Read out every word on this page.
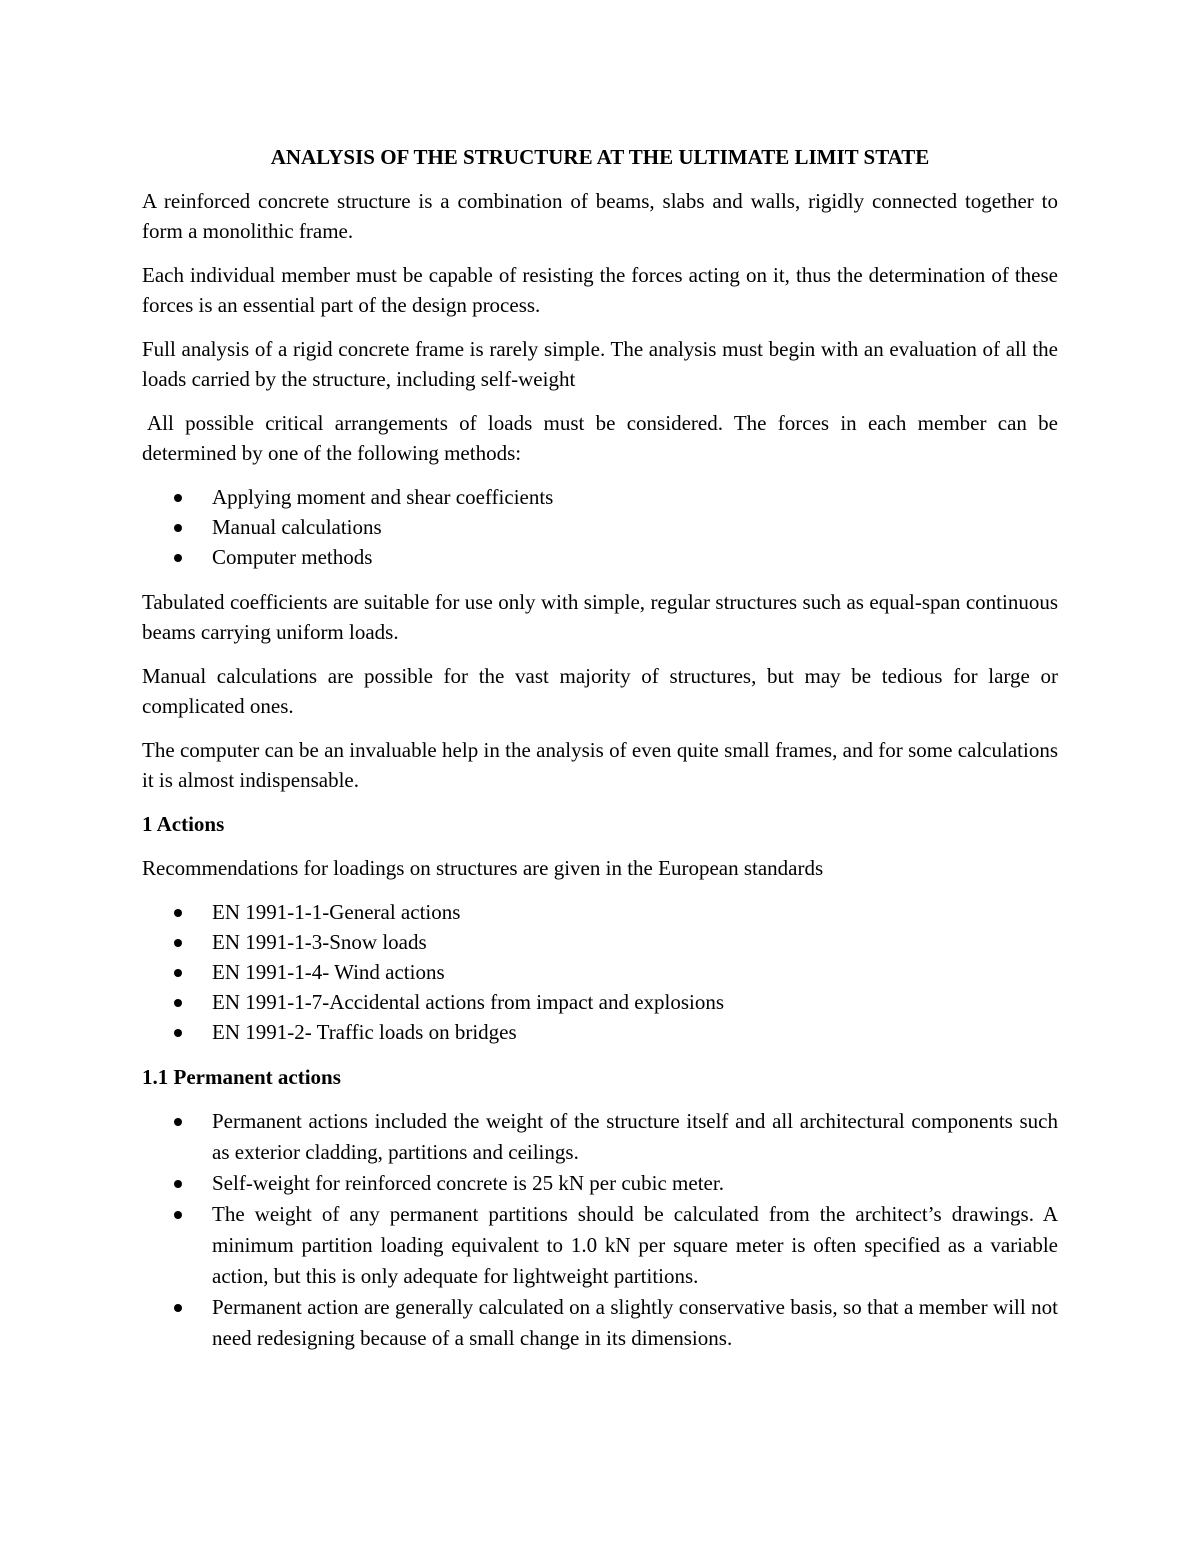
ANALYSIS OF THE STRUCTURE AT THE ULTIMATE LIMIT STATE

A reinforced concrete structure is a combination of beams, slabs and walls, rigidly connected together to form a monolithic frame.

Each individual member must be capable of resisting the forces acting on it, thus the determination of these forces is an essential part of the design process.

Full analysis of a rigid concrete frame is rarely simple. The analysis must begin with an evaluation of all the loads carried by the structure, including self-weight

All possible critical arrangements of loads must be considered. The forces in each member can be determined by one of the following methods:

Applying moment and shear coefficients
Manual calculations
Computer methods

Tabulated coefficients are suitable for use only with simple, regular structures such as equal-span continuous beams carrying uniform loads.

Manual calculations are possible for the vast majority of structures, but may be tedious for large or complicated ones.

The computer can be an invaluable help in the analysis of even quite small frames, and for some calculations it is almost indispensable.

1 Actions

Recommendations for loadings on structures are given in the European standards

EN 1991-1-1-General actions
EN 1991-1-3-Snow loads
EN 1991-1-4- Wind actions
EN 1991-1-7-Accidental actions from impact and explosions
EN 1991-2- Traffic loads on bridges
1.1 Permanent actions
Permanent actions included the weight of the structure itself and all architectural components such as exterior cladding, partitions and ceilings.
Self-weight for reinforced concrete is 25 kN per cubic meter.
The weight of any permanent partitions should be calculated from the architect’s drawings. A minimum partition loading equivalent to 1.0 kN per square meter is often specified as a variable action, but this is only adequate for lightweight partitions.
Permanent action are generally calculated on a slightly conservative basis, so that a member will not need redesigning because of a small change in its dimensions.
